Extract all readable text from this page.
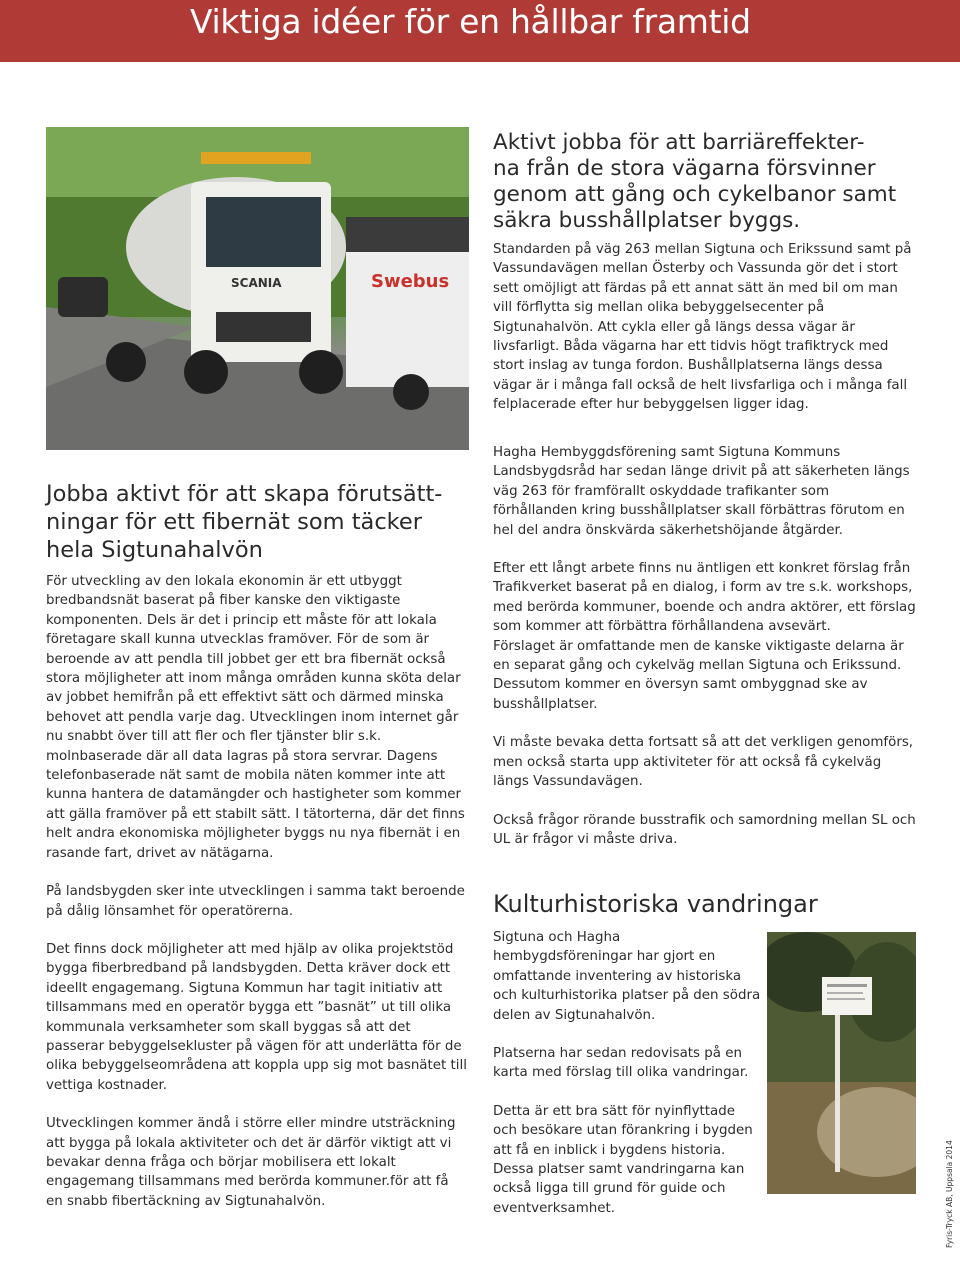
Viktiga idéer för en hållbar framtid
Swebus
SCANIA
Aktivt jobba för att barriäreffekter-
na från de stora vägarna försvinner
genom att gång och cykelbanor samt
säkra busshållplatser byggs.

Standarden på väg 263 mellan Sigtuna och Erikssund samt på Vassundavägen mellan Österby och Vassunda gör det i stort sett omöjligt att färdas på ett annat sätt än med bil om man vill förflytta sig mellan olika bebyggelsecenter på Sigtunahalvön. Att cykla eller gå längs dessa vägar är livsfarligt. Båda vägarna har ett tidvis högt trafiktryck med stort inslag av tunga fordon. Bushållplatserna längs dessa vägar är i många fall också de helt livsfarliga och i många fall felplacerade efter hur bebyggelsen ligger idag.

Hagha Hembyggdsförening samt Sigtuna Kommuns Landsbygdsråd har sedan länge drivit på att säkerheten längs väg 263 för framförallt oskyddade trafikanter som förhållanden kring busshållplatser skall förbättras förutom en hel del andra önskvärda säkerhetshöjande åtgärder.

Efter ett långt arbete finns nu äntligen ett konkret förslag från Trafikverket baserat på en dialog, i form av tre s.k. workshops, med berörda kommuner, boende och andra aktörer, ett förslag som kommer att förbättra förhållandena avsevärt.

Förslaget är omfattande men de kanske viktigaste delarna är en separat gång och cykelväg mellan Sigtuna och Erikssund. Dessutom kommer en översyn samt ombyggnad ske av busshållplatser.

Vi måste bevaka detta fortsatt så att det verkligen genomförs, men också starta upp aktiviteter för att också få cykelväg längs Vassundavägen.

Också frågor rörande busstrafik och samordning mellan SL och UL är frågor vi måste driva.

Jobba aktivt för att skapa förutsätt-
ningar för ett fibernät som täcker
hela Sigtunahalvön

För utveckling av den lokala ekonomin är ett utbyggt bredbandsnät baserat på fiber kanske den viktigaste komponenten. Dels är det i princip ett måste för att lokala företagare skall kunna utvecklas framöver. För de som är beroende av att pendla till jobbet ger ett bra fibernät också stora möjligheter att inom många områden kunna sköta delar av jobbet hemifrån på ett effektivt sätt och därmed minska behovet att pendla varje dag. Utvecklingen inom internet går nu snabbt över till att fler och fler tjänster blir s.k. molnbaserade där all data lagras på stora servrar. Dagens telefonbaserade nät samt de mobila näten kommer inte att kunna hantera de datamängder och hastigheter som kommer att gälla framöver på ett stabilt sätt. I tätorterna, där det finns helt andra ekonomiska möjligheter byggs nu nya fibernät i en rasande fart, drivet av nätägarna.

På landsbygden sker inte utvecklingen i samma takt beroende på dålig lönsamhet för operatörerna.

Det finns dock möjligheter att med hjälp av olika projektstöd bygga fiberbredband på landsbygden. Detta kräver dock ett ideellt engagemang. Sigtuna Kommun har tagit initiativ att tillsammans med en operatör bygga ett ”basnät” ut till olika kommunala verksamheter som skall byggas så att det passerar bebyggelsekluster på vägen för att underlätta för de olika bebyggelseområdena att koppla upp sig mot basnätet till vettiga kostnader.

Utvecklingen kommer ändå i större eller mindre utsträckning att bygga på lokala aktiviteter och det är därför viktigt att vi bevakar denna fråga och börjar mobilisera ett lokalt engagemang tillsammans med berörda kommuner.för att få en snabb fibertäckning av Sigtunahalvön.

Kulturhistoriska vandringar

Sigtuna och Hagha hembygdsföreningar har gjort en omfattande inventering av historiska och kulturhistorika platser på den södra delen av Sigtunahalvön.

Platserna har sedan redovisats på en karta med förslag till olika vandringar.

Detta är ett bra sätt för nyinflyttade och besökare utan förankring i bygden att få en inblick i bygdens historia.

Dessa platser samt vandringarna kan också ligga till grund för guide och eventverksamhet.	Fyris-Tryck AB, Uppsala 2014
